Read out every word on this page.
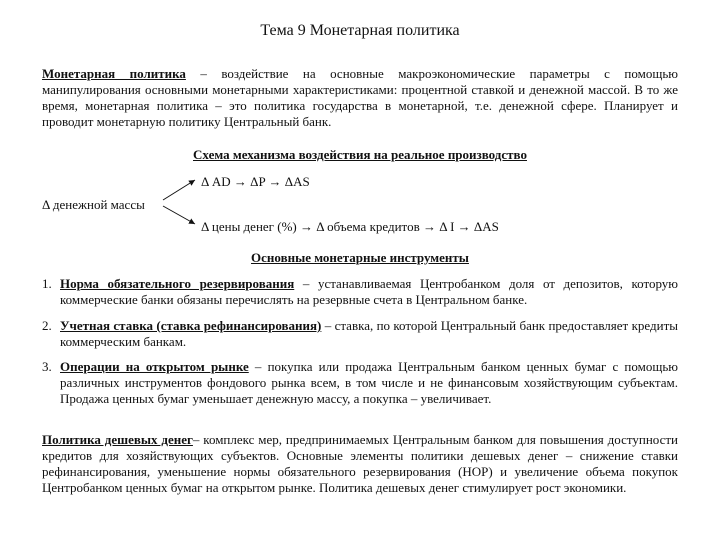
Тема 9 Монетарная политика

Монетарная политика – воздействие на основные макроэкономические параметры с помощью манипулирования основными монетарными характеристиками: процентной ставкой и денежной массой. В то же время, монетарная политика – это политика государства в монетарной, т.е. денежной сфере. Планирует и проводит монетарную политику Центральный банк.

Схема механизма воздействия на реальное производство
Δ AD → ΔP → ΔAS
Δ денежной массы
Δ цены денег (%) → Δ объема кредитов → Δ I → ΔAS
Основные монетарные инструменты
1. Норма обязательного резервирования – устанавливаемая Центробанком доля от депозитов, которую коммерческие банки обязаны перечислять на резервные счета в Центральном банке.
2. Учетная ставка (ставка рефинансирования) – ставка, по которой Центральный банк предоставляет кредиты коммерческим банкам.
3. Операции на открытом рынке – покупка или продажа Центральным банком ценных бумаг с помощью различных инструментов фондового рынка всем, в том числе и не финансовым хозяйствующим субъектам. Продажа ценных бумаг уменьшает денежную массу, а покупка – увеличивает.

Политика дешевых денег– комплекс мер, предпринимаемых Центральным банком для повышения доступности кредитов для хозяйствующих субъектов. Основные элементы политики дешевых денег – снижение ставки рефинансирования, уменьшение нормы обязательного резервирования (НОР) и увеличение объема покупок Центробанком ценных бумаг на открытом рынке. Политика дешевых денег стимулирует рост экономики.
